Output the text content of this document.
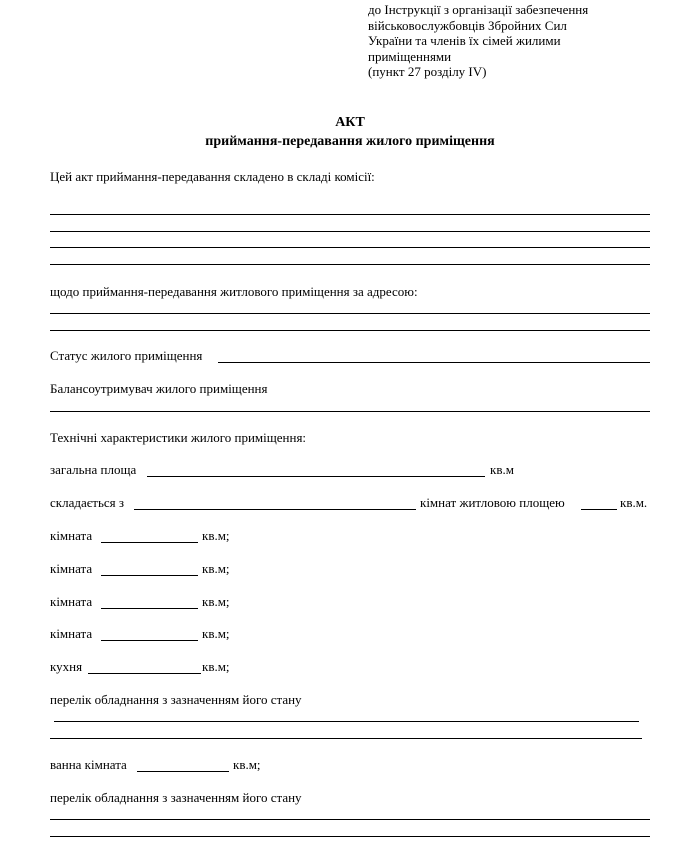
до Інструкції з організації забезпечення
військовослужбовців Збройних Сил
України та членів їх сімей жилими
приміщеннями
(пункт 27 розділу IV)
АКТ
приймання-передавання жилого приміщення
Цей акт приймання-передавання складено в складі комісії:
щодо приймання-передавання житлового приміщення за адресою:
Статус жилого приміщення
Балансоутримувач жилого приміщення
Технічні характеристики жилого приміщення:
загальна площа	кв.м
складається з	кімнат житловою площею	кв.м.
кімната	кв.м;
кімната	кв.м;
кімната	кв.м;
кімната	кв.м;
кухня	кв.м;
перелік обладнання з зазначенням його стану
ванна кімната	кв.м;
перелік обладнання з зазначенням його стану
